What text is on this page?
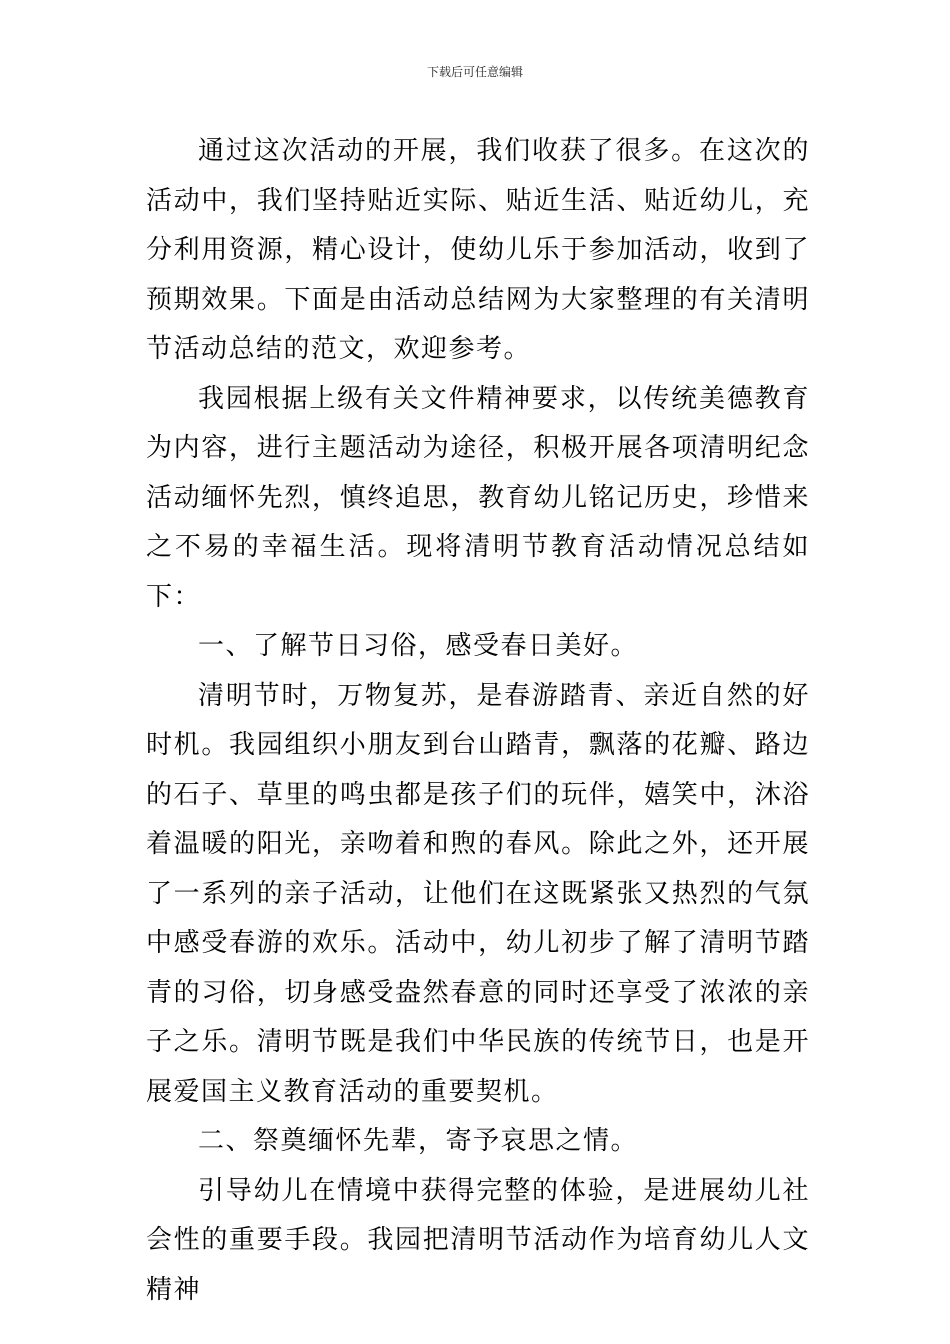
下载后可任意编辑

通过这次活动的开展，我们收获了很多。在这次的活动中，我们坚持贴近实际、贴近生活、贴近幼儿，充分利用资源，精心设计，使幼儿乐于参加活动，收到了预期效果。下面是由活动总结网为大家整理的有关清明节活动总结的范文，欢迎参考。

我园根据上级有关文件精神要求，以传统美德教育为内容，进行主题活动为途径，积极开展各项清明纪念活动缅怀先烈，慎终追思，教育幼儿铭记历史，珍惜来之不易的幸福生活。现将清明节教育活动情况总结如下：

一、了解节日习俗，感受春日美好。

清明节时，万物复苏，是春游踏青、亲近自然的好时机。我园组织小朋友到台山踏青，飘落的花瓣、路边的石子、草里的鸣虫都是孩子们的玩伴，嬉笑中，沐浴着温暖的阳光，亲吻着和煦的春风。除此之外，还开展了一系列的亲子活动，让他们在这既紧张又热烈的气氛中感受春游的欢乐。活动中，幼儿初步了解了清明节踏青的习俗，切身感受盎然春意的同时还享受了浓浓的亲子之乐。清明节既是我们中华民族的传统节日，也是开展爱国主义教育活动的重要契机。

二、祭奠缅怀先辈，寄予哀思之情。

引导幼儿在情境中获得完整的体验，是进展幼儿社会性的重要手段。我园把清明节活动作为培育幼儿人文精神
